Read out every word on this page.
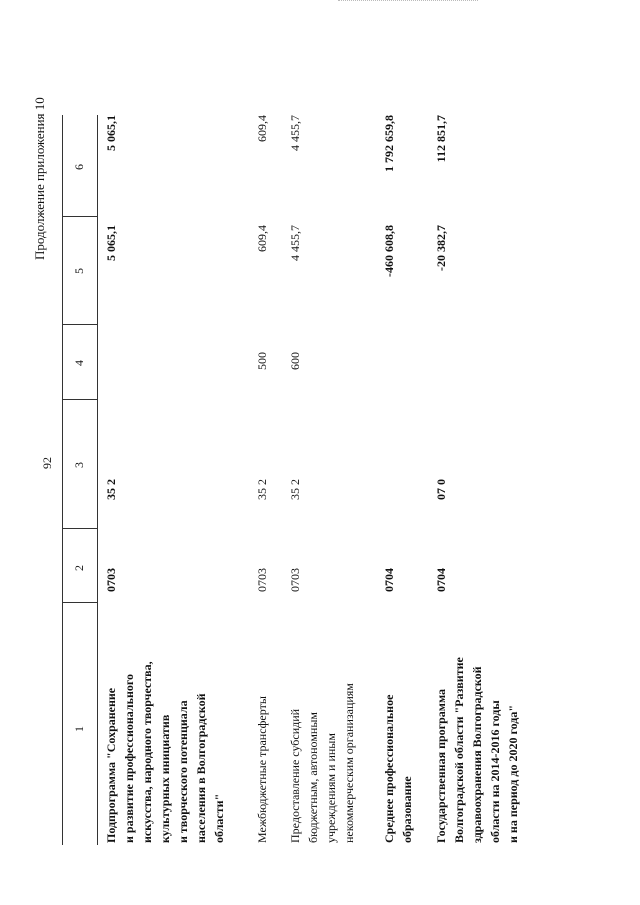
92
Продолжение приложения 10
1
2
3
4
5
6
Подпрограмма "Сохранение и развитие профессионального искусства, народного творчества, культурных инициатив и творческого потенциала населения в Волгоградской области"
0703
35 2
5 065,1
5 065,1
Межбюджетные трансферты
0703
35 2
500
609,4
609,4
Предоставление субсидий бюджетным, автономным учреждениям и иным некоммерческим организациям
0703
35 2
600
4 455,7
4 455,7
Среднее профессиональное образование
0704
-460 608,8
1 792 659,8
Государственная программа Волгоградской области "Развитие здравоохранения Волгоградской области на 2014-2016 годы и на период до 2020 года"
0704
07 0
-20 382,7
112 851,7
